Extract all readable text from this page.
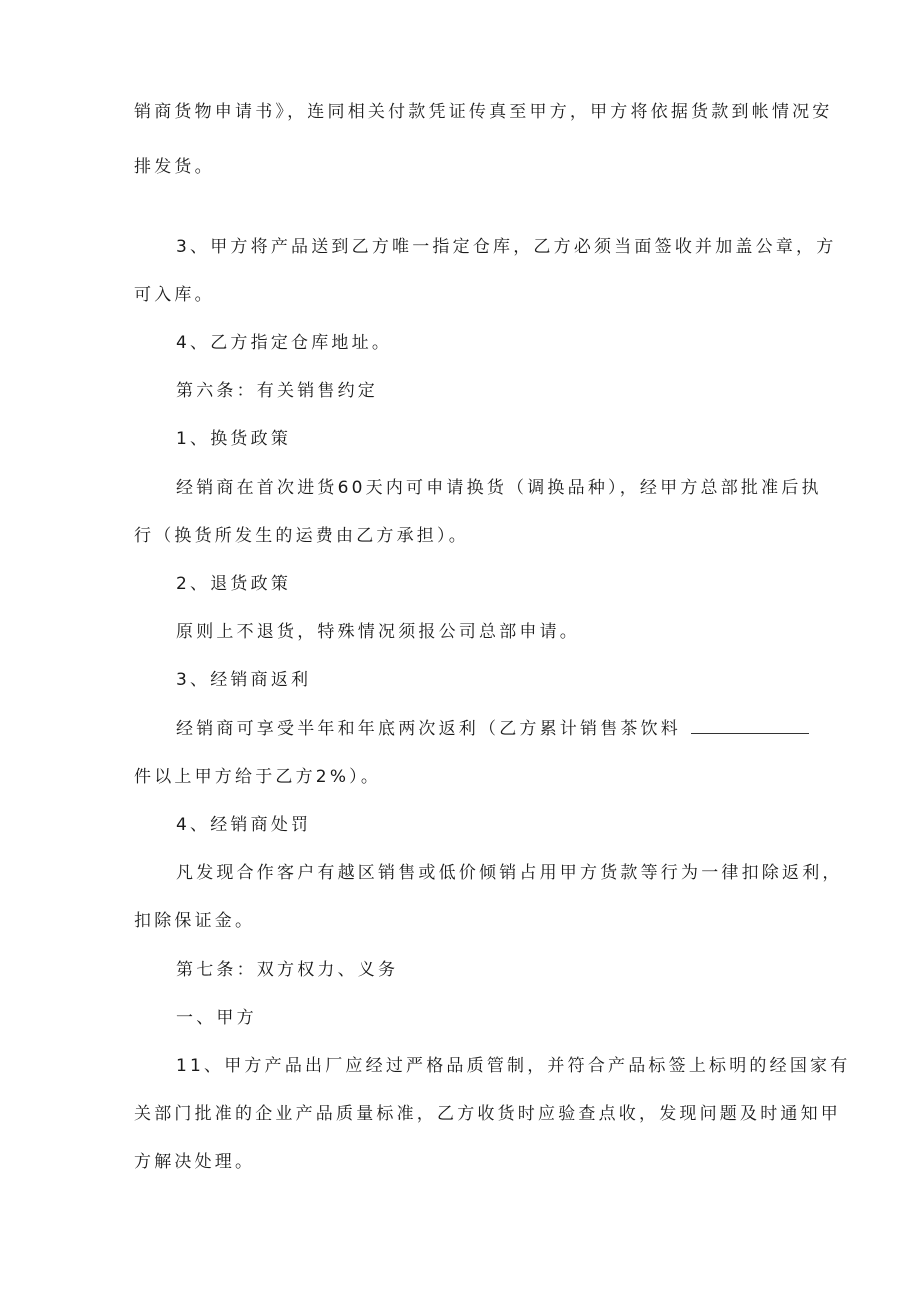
销商货物申请书》，连同相关付款凭证传真至甲方，甲方将依据货款到帐情况安
排发货。
3、甲方将产品送到乙方唯一指定仓库，乙方必须当面签收并加盖公章，方
可入库。
4、乙方指定仓库地址。
第六条：有关销售约定
1、换货政策
经销商在首次进货60天内可申请换货（调换品种），经甲方总部批准后执
行（换货所发生的运费由乙方承担）。
2、退货政策
原则上不退货，特殊情况须报公司总部申请。
3、经销商返利
经销商可享受半年和年底两次返利（乙方累计销售茶饮料
件以上甲方给于乙方2%）。
4、经销商处罚
凡发现合作客户有越区销售或低价倾销占用甲方货款等行为一律扣除返利，
扣除保证金。
第七条：双方权力、义务
一、甲方
11、甲方产品出厂应经过严格品质管制，并符合产品标签上标明的经国家有
关部门批准的企业产品质量标准，乙方收货时应验查点收，发现问题及时通知甲
方解决处理。
